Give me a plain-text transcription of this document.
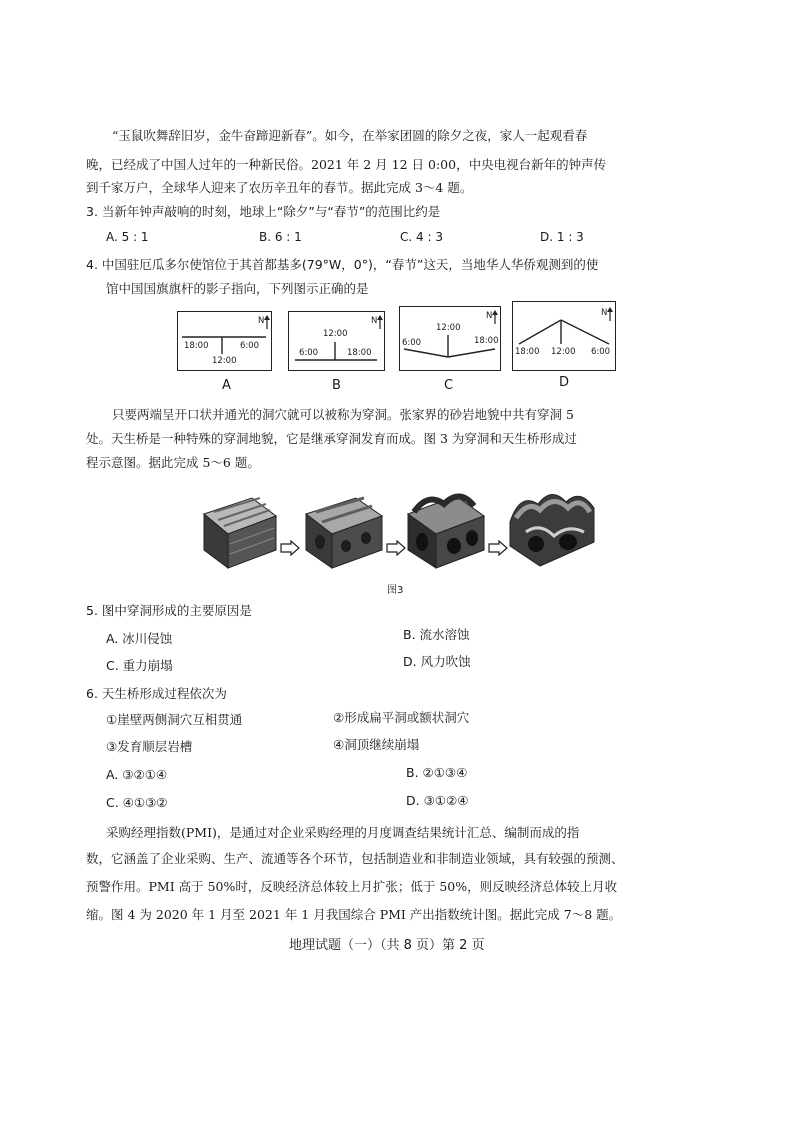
“玉鼠吹舞辞旧岁，金牛奋蹄迎新春”。如今，在举家团圆的除夕之夜，家人一起观看春
晚，已经成了中国人过年的一种新民俗。2021 年 2 月 12 日 0:00，中央电视台新年的钟声传
到千家万户，全球华人迎来了农历辛丑年的春节。据此完成 3～4 题。
3. 当新年钟声敲响的时刻，地球上“除夕”与“春节”的范围比约是
A. 5 : 1	B. 6 : 1	C. 4 : 3	D. 1 : 3
4. 中国驻厄瓜多尔使馆位于其首都基多(79°W，0°)，“春节”这天，当地华人华侨观测到的使
馆中国国旗旗杆的影子指向，下列图示正确的是
N
18:00	6:00
12:00
A
N
12:00
6:00	18:00
B
N
12:00
6:00	18:00
C
N
18:00 12:00 6:00
D
只要两端呈开口状并通光的洞穴就可以被称为穿洞。张家界的砂岩地貌中共有穿洞 5
处。天生桥是一种特殊的穿洞地貌，它是继承穿洞发育而成。图 3 为穿洞和天生桥形成过
程示意图。据此完成 5～6 题。
图3
5. 图中穿洞形成的主要原因是
A. 冰川侵蚀	B. 流水溶蚀
C. 重力崩塌	D. 风力吹蚀
6. 天生桥形成过程依次为
①崖壁两侧洞穴互相贯通	②形成扁平洞或额状洞穴
③发育顺层岩槽	④洞顶继续崩塌
A. ③②①④	B. ②①③④
C. ④①③②	D. ③①②④
采购经理指数(PMI)，是通过对企业采购经理的月度调查结果统计汇总、编制而成的指
数，它涵盖了企业采购、生产、流通等各个环节，包括制造业和非制造业领域，具有较强的预测、
预警作用。PMI 高于 50%时，反映经济总体较上月扩张；低于 50%，则反映经济总体较上月收
缩。图 4 为 2020 年 1 月至 2021 年 1 月我国综合 PMI 产出指数统计图。据此完成 7～8 题。
地理试题（一）（共 8 页）第 2 页
